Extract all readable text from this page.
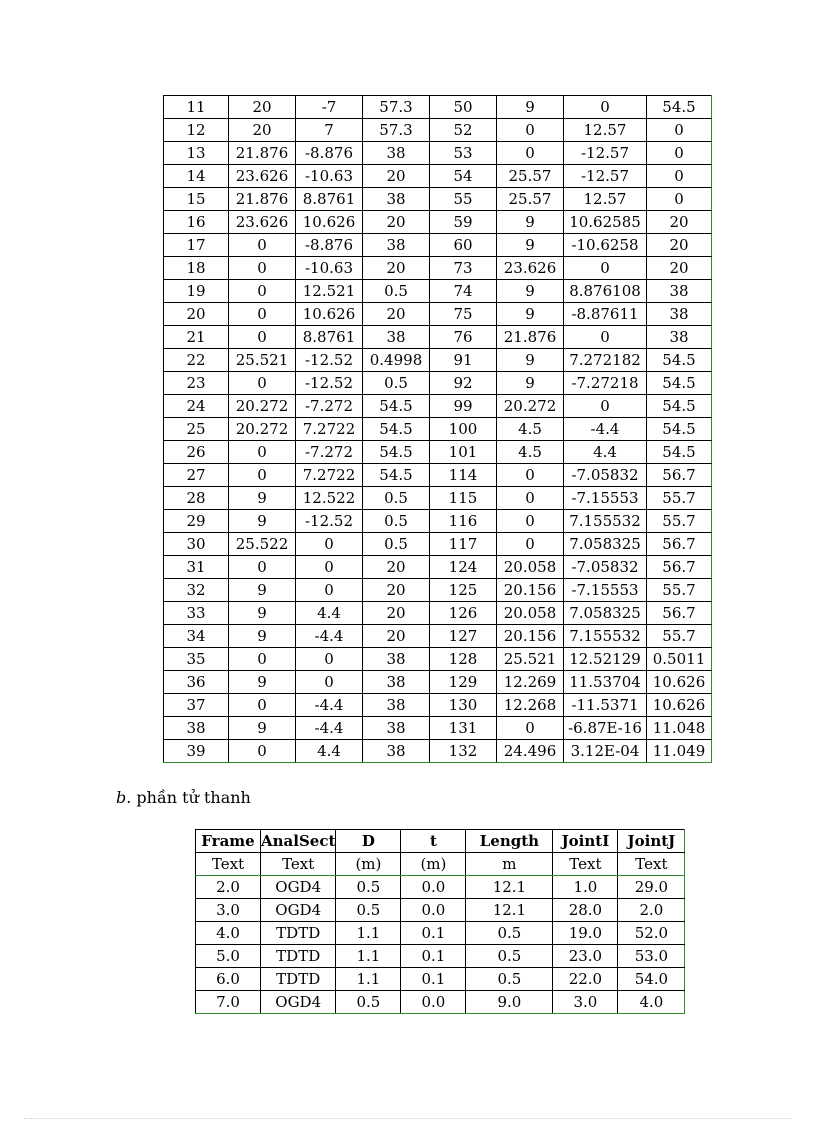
11	20	-7	57.3	50	9	0	54.5
12	20	7	57.3	52	0	12.57	0
13	21.876	-8.876	38	53	0	-12.57	0
14	23.626	-10.63	20	54	25.57	-12.57	0
15	21.876	8.8761	38	55	25.57	12.57	0
16	23.626	10.626	20	59	9	10.62585	20
17	0	-8.876	38	60	9	-10.6258	20
18	0	-10.63	20	73	23.626	0	20
19	0	12.521	0.5	74	9	8.876108	38
20	0	10.626	20	75	9	-8.87611	38
21	0	8.8761	38	76	21.876	0	38
22	25.521	-12.52	0.4998	91	9	7.272182	54.5
23	0	-12.52	0.5	92	9	-7.27218	54.5
24	20.272	-7.272	54.5	99	20.272	0	54.5
25	20.272	7.2722	54.5	100	4.5	-4.4	54.5
26	0	-7.272	54.5	101	4.5	4.4	54.5
27	0	7.2722	54.5	114	0	-7.05832	56.7
28	9	12.522	0.5	115	0	-7.15553	55.7
29	9	-12.52	0.5	116	0	7.155532	55.7
30	25.522	0	0.5	117	0	7.058325	56.7
31	0	0	20	124	20.058	-7.05832	56.7
32	9	0	20	125	20.156	-7.15553	55.7
33	9	4.4	20	126	20.058	7.058325	56.7
34	9	-4.4	20	127	20.156	7.155532	55.7
35	0	0	38	128	25.521	12.52129	0.5011
36	9	0	38	129	12.269	11.53704	10.626
37	0	-4.4	38	130	12.268	-11.5371	10.626
38	9	-4.4	38	131	0	-6.87E-16	11.048
39	0	4.4	38	132	24.496	3.12E-04	11.049
b. phần tử thanh
Frame	AnalSect	D	t	Length	JointI	JointJ
Text	Text	(m)	(m)	m	Text	Text
2.0	OGD4	0.5	0.0	12.1	1.0	29.0
3.0	OGD4	0.5	0.0	12.1	28.0	2.0
4.0	TDTD	1.1	0.1	0.5	19.0	52.0
5.0	TDTD	1.1	0.1	0.5	23.0	53.0
6.0	TDTD	1.1	0.1	0.5	22.0	54.0
7.0	OGD4	0.5	0.0	9.0	3.0	4.0
